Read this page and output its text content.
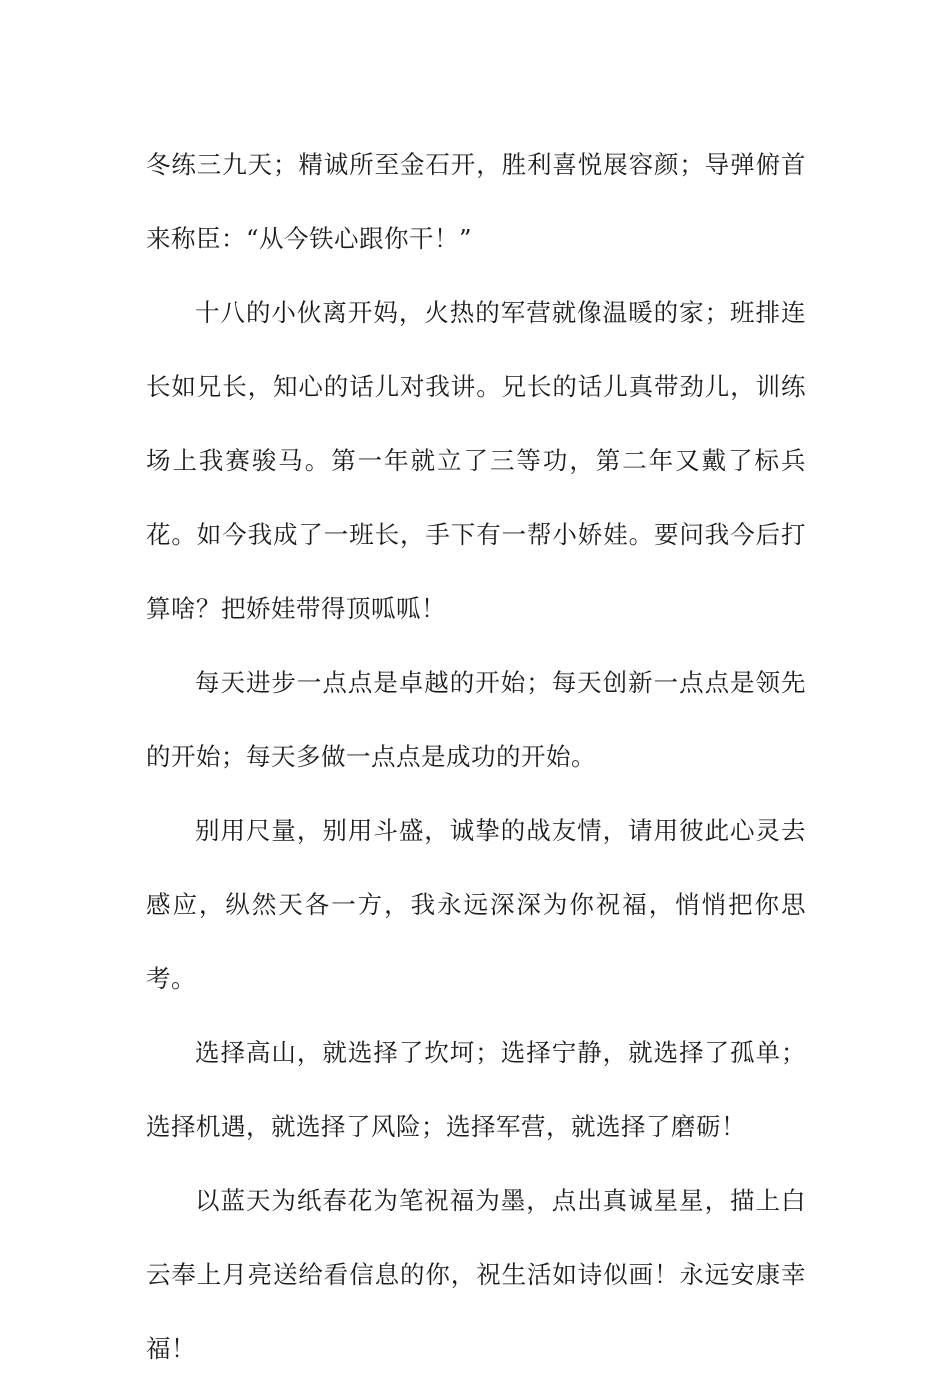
冬练三九天；精诚所至金石开，胜利喜悦展容颜；导弹俯首来称臣：“从今铁心跟你干！”

十八的小伙离开妈，火热的军营就像温暖的家；班排连长如兄长，知心的话儿对我讲。兄长的话儿真带劲儿，训练场上我赛骏马。第一年就立了三等功，第二年又戴了标兵花。如今我成了一班长，手下有一帮小娇娃。要问我今后打算啥？把娇娃带得顶呱呱！

每天进步一点点是卓越的开始；每天创新一点点是领先的开始；每天多做一点点是成功的开始。

别用尺量，别用斗盛，诚挚的战友情，请用彼此心灵去感应，纵然天各一方，我永远深深为你祝福，悄悄把你思考。

选择高山，就选择了坎坷；选择宁静，就选择了孤单；选择机遇，就选择了风险；选择军营，就选择了磨砺！

以蓝天为纸春花为笔祝福为墨，点出真诚星星，描上白云奉上月亮送给看信息的你，祝生活如诗似画！永远安康幸福！
